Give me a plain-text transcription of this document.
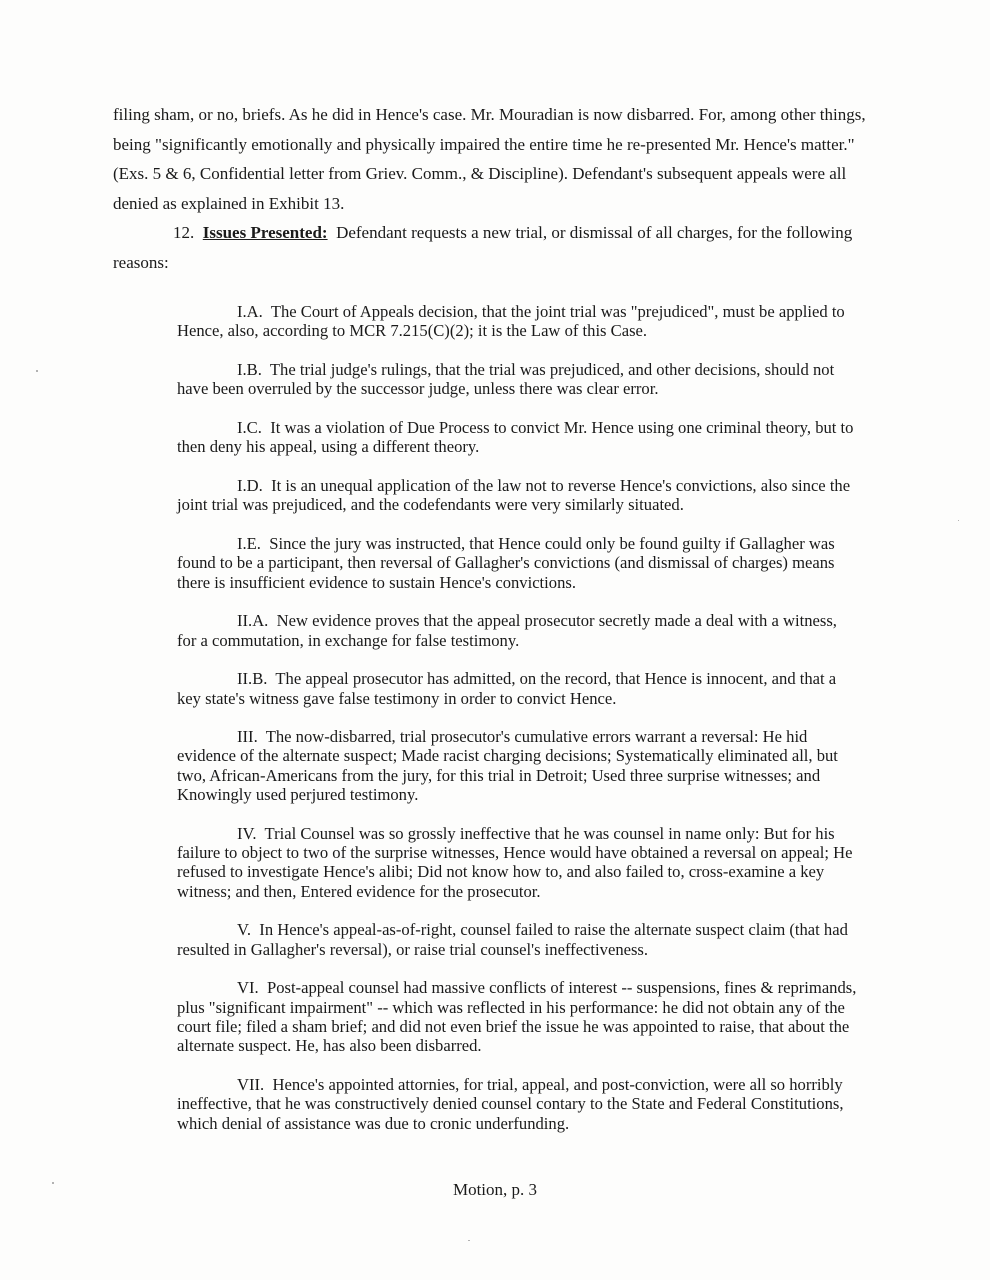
filing sham, or no, briefs. As he did in Hence's case. Mr. Mouradian is now disbarred. For, among other things, being "significantly emotionally and physically impaired the entire time he re-presented Mr. Hence's matter." (Exs. 5 & 6, Confidential letter from Griev. Comm., & Discipline). Defendant's subsequent appeals were all denied as explained in Exhibit 13.

12. Issues Presented: Defendant requests a new trial, or dismissal of all charges, for the following reasons:

I.A. The Court of Appeals decision, that the joint trial was "prejudiced", must be applied to Hence, also, according to MCR 7.215(C)(2); it is the Law of this Case.

I.B. The trial judge's rulings, that the trial was prejudiced, and other decisions, should not have been overruled by the successor judge, unless there was clear error.

I.C. It was a violation of Due Process to convict Mr. Hence using one criminal theory, but to then deny his appeal, using a different theory.

I.D. It is an unequal application of the law not to reverse Hence's convictions, also since the joint trial was prejudiced, and the codefendants were very similarly situated.

I.E. Since the jury was instructed, that Hence could only be found guilty if Gallagher was found to be a participant, then reversal of Gallagher's convictions (and dismissal of charges) means there is insufficient evidence to sustain Hence's convictions.

II.A. New evidence proves that the appeal prosecutor secretly made a deal with a witness, for a commutation, in exchange for false testimony.

II.B. The appeal prosecutor has admitted, on the record, that Hence is innocent, and that a key state's witness gave false testimony in order to convict Hence.

III. The now-disbarred, trial prosecutor's cumulative errors warrant a reversal: He hid evidence of the alternate suspect; Made racist charging decisions; Systematically eliminated all, but two, African-Americans from the jury, for this trial in Detroit; Used three surprise witnesses; and Knowingly used perjured testimony.

IV. Trial Counsel was so grossly ineffective that he was counsel in name only: But for his failure to object to two of the surprise witnesses, Hence would have obtained a reversal on appeal; He refused to investigate Hence's alibi; Did not know how to, and also failed to, cross-examine a key witness; and then, Entered evidence for the prosecutor.

V. In Hence's appeal-as-of-right, counsel failed to raise the alternate suspect claim (that had resulted in Gallagher's reversal), or raise trial counsel's ineffectiveness.

VI. Post-appeal counsel had massive conflicts of interest -- suspensions, fines & reprimands, plus "significant impairment" -- which was reflected in his performance: he did not obtain any of the court file; filed a sham brief; and did not even brief the issue he was appointed to raise, that about the alternate suspect. He, has also been disbarred.

VII. Hence's appointed attornies, for trial, appeal, and post-conviction, were all so horribly ineffective, that he was constructively denied counsel contary to the State and Federal Constitutions, which denial of assistance was due to cronic underfunding.

Motion, p. 3
